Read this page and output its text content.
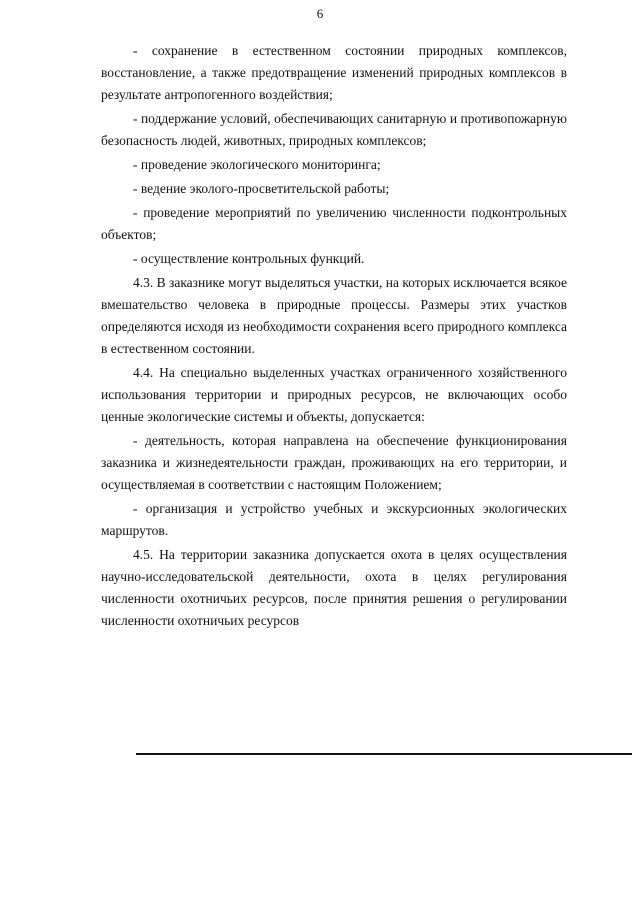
6

- сохранение в естественном состоянии природных комплексов, восстановление, а также предотвращение изменений природных комплексов в результате антропогенного воздействия;

- поддержание условий, обеспечивающих санитарную и противопожарную безопасность людей, животных, природных комплексов;

- проведение экологического мониторинга;

- ведение эколого-просветительской работы;

- проведение мероприятий по увеличению численности подконтрольных объектов;

- осуществление контрольных функций.

4.3. В заказнике могут выделяться участки, на которых исключается всякое вмешательство человека в природные процессы. Размеры этих участков определяются исходя из необходимости сохранения всего природного комплекса в естественном состоянии.

4.4. На специально выделенных участках ограниченного хозяйственного использования территории и природных ресурсов, не включающих особо ценные экологические системы и объекты, допускается:

- деятельность, которая направлена на обеспечение функционирования заказника и жизнедеятельности граждан, проживающих на его территории, и осуществляемая в соответствии с настоящим Положением;

- организация и устройство учебных и экскурсионных экологических маршрутов.

4.5. На территории заказника допускается охота в целях осуществления научно-исследовательской деятельности, охота в целях регулирования численности охотничьих ресурсов, после принятия решения о регулировании численности охотничьих ресурсов
